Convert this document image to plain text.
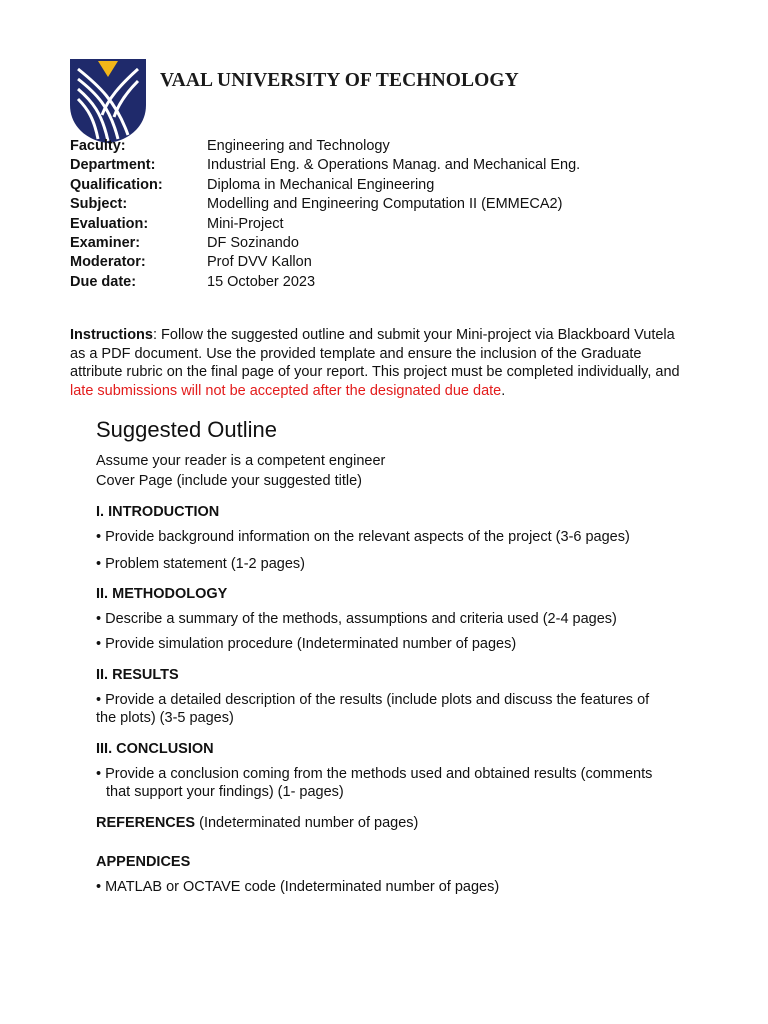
VAAL UNIVERSITY OF TECHNOLOGY
Faculty:	Engineering and Technology
Department:	Industrial Eng. & Operations Manag. and Mechanical Eng.
Qualification:	Diploma in Mechanical Engineering
Subject:	Modelling and Engineering Computation II (EMMECA2)
Evaluation:	Mini-Project
Examiner:	DF Sozinando
Moderator:	Prof DVV Kallon
Due date:	15 October 2023
Instructions: Follow the suggested outline and submit your Mini-project via Blackboard Vutela as a PDF document. Use the provided template and ensure the inclusion of the Graduate attribute rubric on the final page of your report. This project must be completed individually, and late submissions will not be accepted after the designated due date.
Suggested Outline
Assume your reader is a competent engineer
Cover Page (include your suggested title)
I. INTRODUCTION
• Provide background information on the relevant aspects of the project (3-6 pages)
• Problem statement (1-2 pages)
II. METHODOLOGY
• Describe a summary of the methods, assumptions and criteria used (2-4 pages)
• Provide simulation procedure (Indeterminated number of pages)
II. RESULTS
• Provide a detailed description of the results (include plots and discuss the features of
the plots) (3-5 pages)
III. CONCLUSION
• Provide a conclusion coming from the methods used and obtained results (comments
that support your findings) (1- pages)
REFERENCES (Indeterminated number of pages)
APPENDICES
• MATLAB or OCTAVE code (Indeterminated number of pages)
